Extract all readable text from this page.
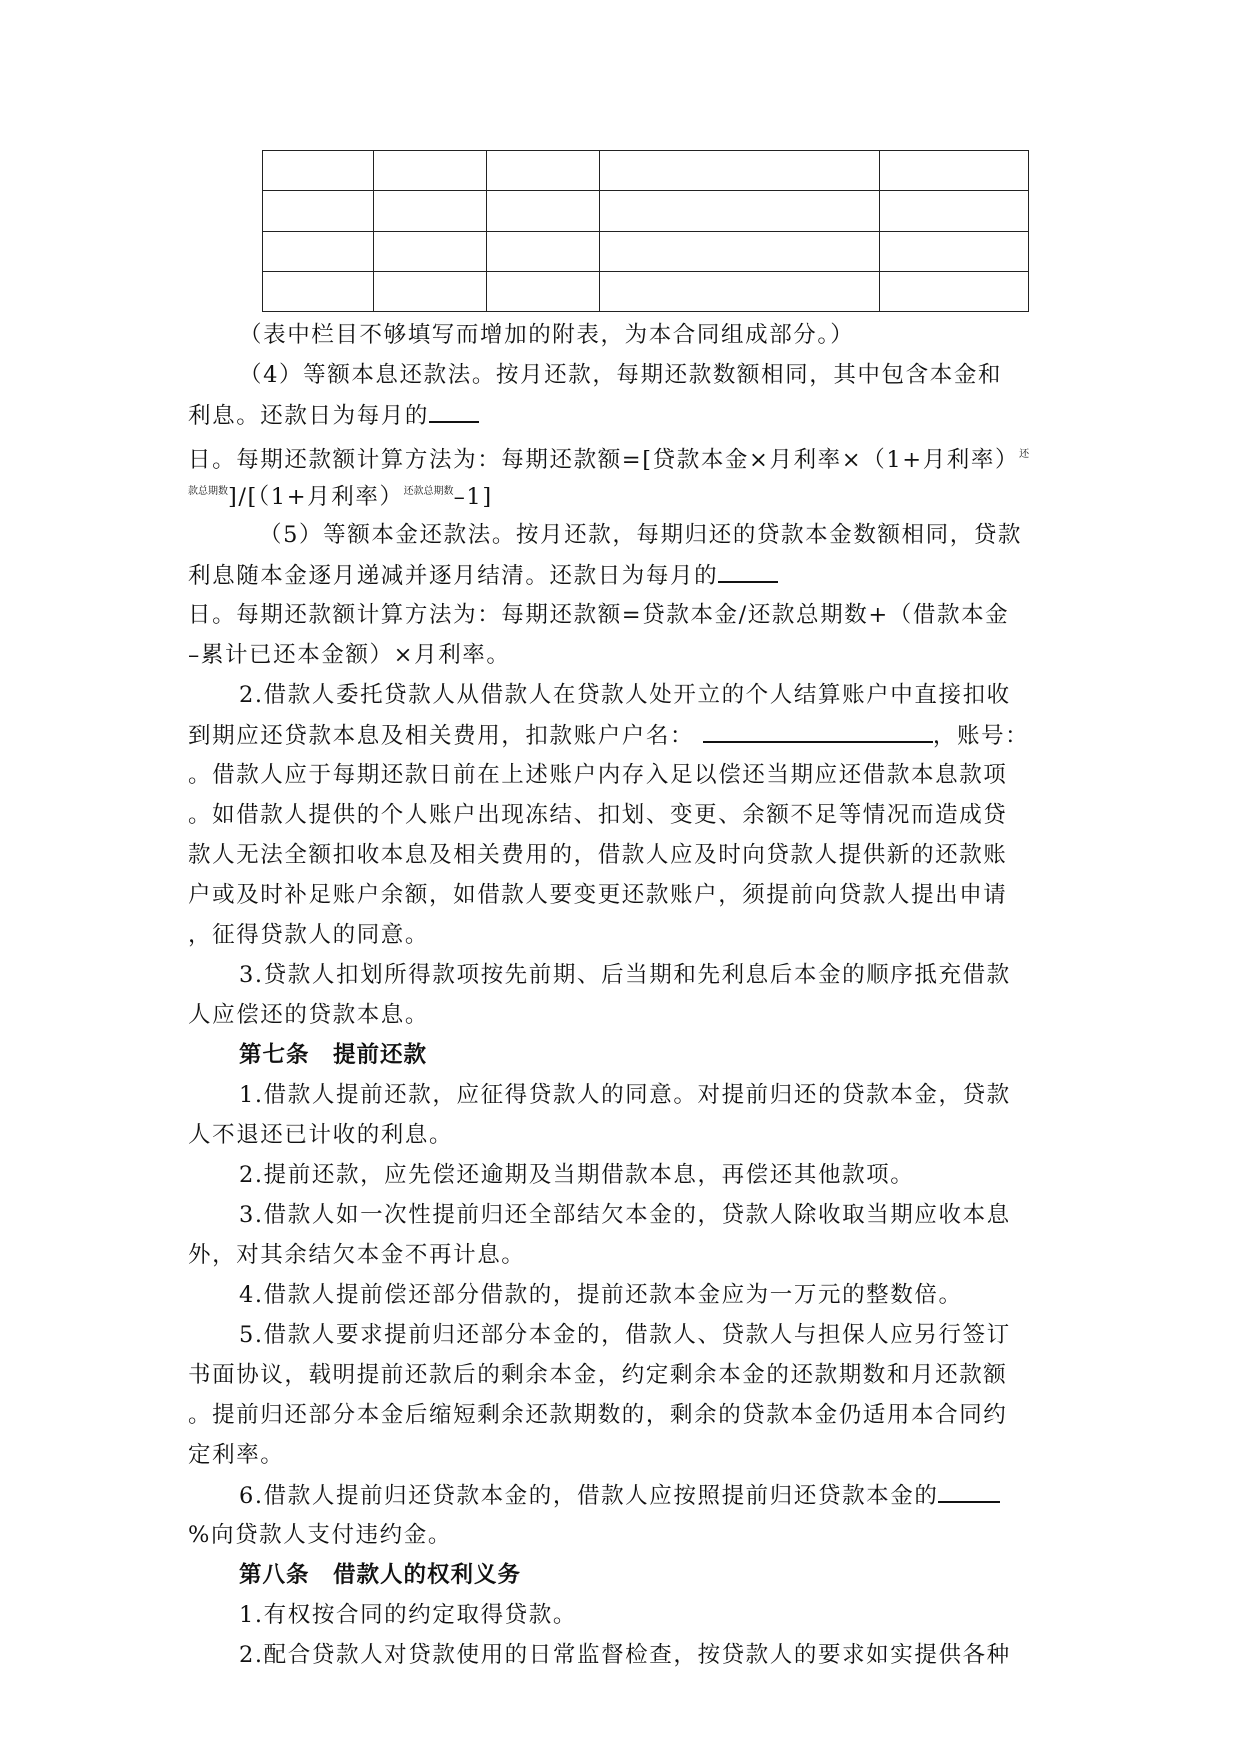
（表中栏目不够填写而增加的附表，为本合同组成部分。）
（4）等额本息还款法。按月还款，每期还款数额相同，其中包含本金和
利息。还款日为每月的
日。每期还款额计算方法为：每期还款额=[贷款本金×月利率×（1+月利率）$^还$
$^{款总期数}$]/[（1+月利率）$^{还款总期数}$–1]
（5）等额本金还款法。按月还款，每期归还的贷款本金数额相同，贷款
利息随本金逐月递减并逐月结清。还款日为每月的
日。每期还款额计算方法为：每期还款额=贷款本金/还款总期数+（借款本金
–累计已还本金额）×月利率。
2.借款人委托贷款人从借款人在贷款人处开立的个人结算账户中直接扣收
到期应还贷款本息及相关费用，扣款账户户名：	，账号：
。借款人应于每期还款日前在上述账户内存入足以偿还当期应还借款本息款项
。如借款人提供的个人账户出现冻结、扣划、变更、余额不足等情况而造成贷
款人无法全额扣收本息及相关费用的，借款人应及时向贷款人提供新的还款账
户或及时补足账户余额，如借款人要变更还款账户，须提前向贷款人提出申请
，征得贷款人的同意。
3.贷款人扣划所得款项按先前期、后当期和先利息后本金的顺序抵充借款
人应偿还的贷款本息。
第七条　提前还款
1.借款人提前还款，应征得贷款人的同意。对提前归还的贷款本金，贷款
人不退还已计收的利息。
2.提前还款，应先偿还逾期及当期借款本息，再偿还其他款项。
3.借款人如一次性提前归还全部结欠本金的，贷款人除收取当期应收本息
外，对其余结欠本金不再计息。
4.借款人提前偿还部分借款的，提前还款本金应为一万元的整数倍。
5.借款人要求提前归还部分本金的，借款人、贷款人与担保人应另行签订
书面协议，载明提前还款后的剩余本金，约定剩余本金的还款期数和月还款额
。提前归还部分本金后缩短剩余还款期数的，剩余的贷款本金仍适用本合同约
定利率。
6.借款人提前归还贷款本金的，借款人应按照提前归还贷款本金的
%向贷款人支付违约金。
第八条　借款人的权利义务
1.有权按合同的约定取得贷款。
2.配合贷款人对贷款使用的日常监督检查，按贷款人的要求如实提供各种
